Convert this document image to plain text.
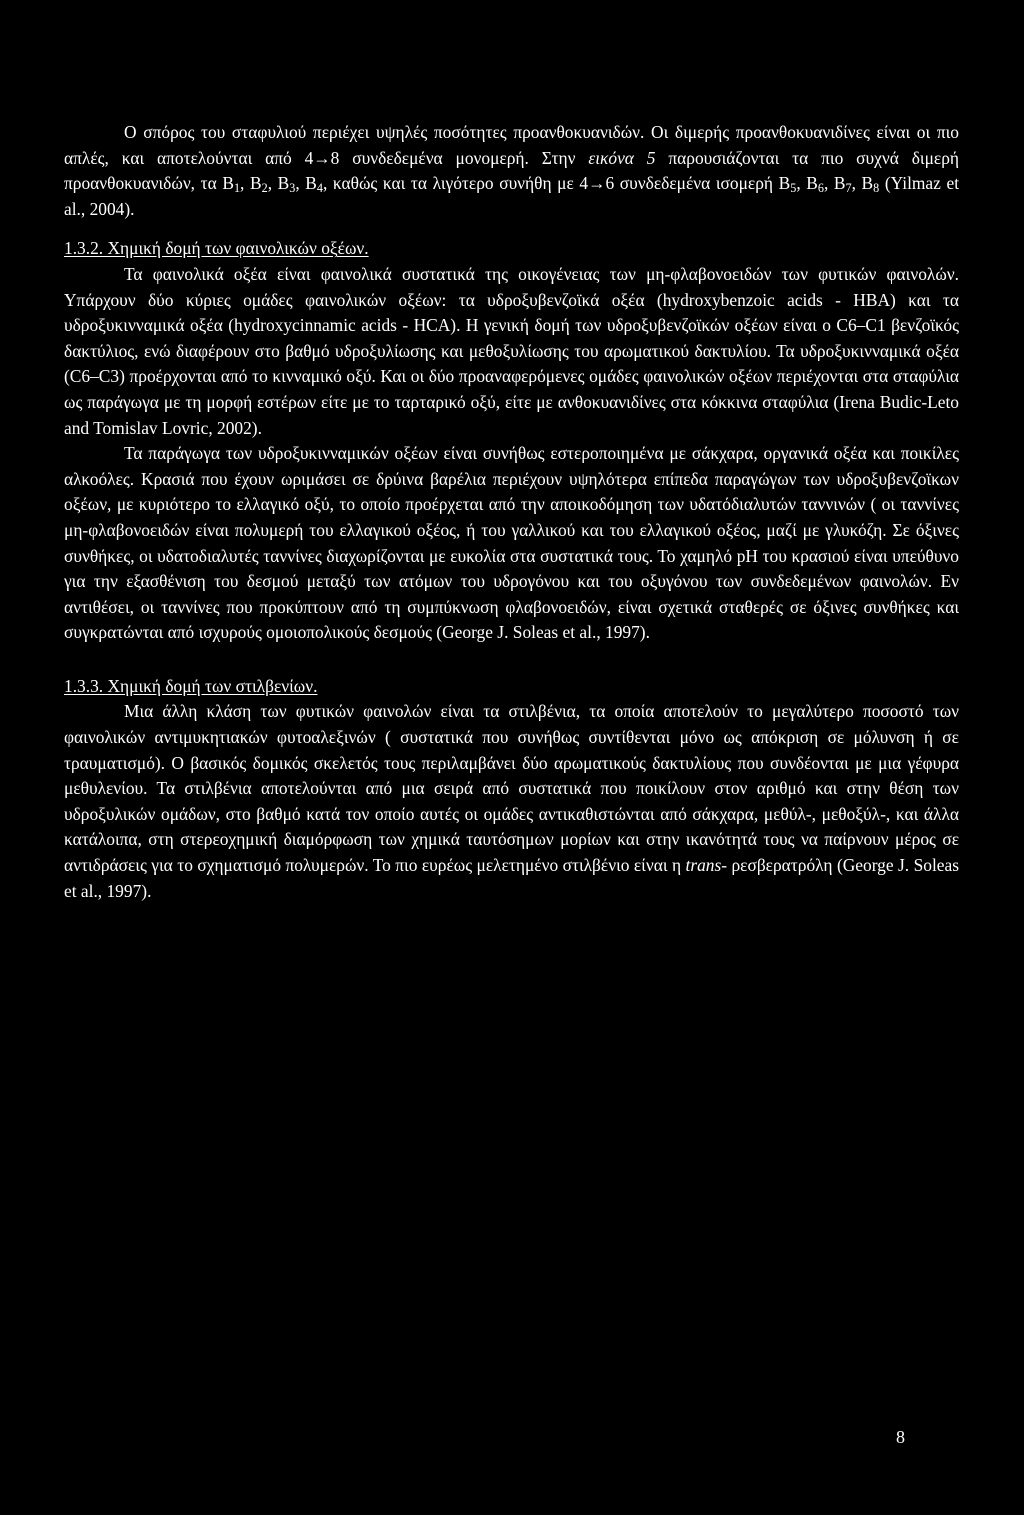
Ο σπόρος του σταφυλιού περιέχει υψηλές ποσότητες προανθοκυανιδών. Οι διμερής προανθοκυανιδίνες είναι οι πιο απλές, και αποτελούνται από 4→8 συνδεδεμένα μονομερή. Στην εικόνα 5 παρουσιάζονται τα πιο συχνά διμερή προανθοκυανιδών, τα $B_1$, $B_2$, $B_3$, $B_4$, καθώς και τα λιγότερο συνήθη με 4→6 συνδεδεμένα ισομερή $B_5$, $B_6$, $B_7$, $B_8$ (Yilmaz et al., 2004).

1.3.2. Χημική δομή των φαινολικών οξέων.

Τα φαινολικά οξέα είναι φαινολικά συστατικά της οικογένειας των μη-φλαβονοειδών των φυτικών φαινολών. Υπάρχουν δύο κύριες ομάδες φαινολικών οξέων: τα υδροξυβενζοϊκά οξέα (hydroxybenzoic acids - HBA) και τα υδροξυκινναμικά οξέα (hydroxycinnamic acids - HCA). Η γενική δομή των υδροξυβενζοϊκών οξέων είναι ο C6–C1 βενζοϊκός δακτύλιος, ενώ διαφέρουν στο βαθμό υδροξυλίωσης και μεθοξυλίωσης του αρωματικού δακτυλίου. Τα υδροξυκινναμικά οξέα (C6–C3) προέρχονται από το κινναμικό οξύ. Και οι δύο προαναφερόμενες ομάδες φαινολικών οξέων περιέχονται στα σταφύλια ως παράγωγα με τη μορφή εστέρων είτε με το ταρταρικό οξύ, είτε με ανθοκυανιδίνες στα κόκκινα σταφύλια (Irena Budic-Leto and Tomislav Lovric, 2002).

Τα παράγωγα των υδροξυκινναμικών οξέων είναι συνήθως εστεροποιημένα με σάκχαρα, οργανικά οξέα και ποικίλες αλκοόλες. Κρασιά που έχουν ωριμάσει σε δρύινα βαρέλια περιέχουν υψηλότερα επίπεδα παραγώγων των υδροξυβενζοϊκων οξέων, με κυριότερο το ελλαγικό οξύ, το οποίο προέρχεται από την αποικοδόμηση των υδατόδιαλυτών ταννινών ( οι ταννίνες μη-φλαβονοειδών είναι πολυμερή του ελλαγικού οξέος, ή του γαλλικού και του ελλαγικού οξέος, μαζί με γλυκόζη. Σε όξινες συνθήκες, οι υδατοδιαλυτές ταννίνες διαχωρίζονται με ευκολία στα συστατικά τους. Το χαμηλό pH του κρασιού είναι υπεύθυνο για την εξασθένιση του δεσμού μεταξύ των ατόμων του υδρογόνου και του οξυγόνου των συνδεδεμένων φαινολών. Εν αντιθέσει, οι ταννίνες που προκύπτουν από τη συμπύκνωση φλαβονοειδών, είναι σχετικά σταθερές σε όξινες συνθήκες και συγκρατώνται από ισχυρούς ομοιοπολικούς δεσμούς (George J. Soleas et al., 1997).

1.3.3. Χημική δομή των στιλβενίων.

Μια άλλη κλάση των φυτικών φαινολών είναι τα στιλβένια, τα οποία αποτελούν το μεγαλύτερο ποσοστό των φαινολικών αντιμυκητιακών φυτοαλεξινών ( συστατικά που συνήθως συντίθενται μόνο ως απόκριση σε μόλυνση ή σε τραυματισμό). Ο βασικός δομικός σκελετός τους περιλαμβάνει δύο αρωματικούς δακτυλίους που συνδέονται με μια γέφυρα μεθυλενίου. Τα στιλβένια αποτελούνται από μια σειρά από συστατικά που ποικίλουν στον αριθμό και στην θέση των υδροξυλικών ομάδων, στο βαθμό κατά τον οποίο αυτές οι ομάδες αντικαθιστώνται από σάκχαρα, μεθύλ-, μεθοξύλ-, και άλλα κατάλοιπα, στη στερεοχημική διαμόρφωση των χημικά ταυτόσημων μορίων και στην ικανότητά τους να παίρνουν μέρος σε αντιδράσεις για το σχηματισμό πολυμερών. Το πιο ευρέως μελετημένο στιλβένιο είναι η trans- ρεσβερατρόλη (George J. Soleas et al., 1997).

8
